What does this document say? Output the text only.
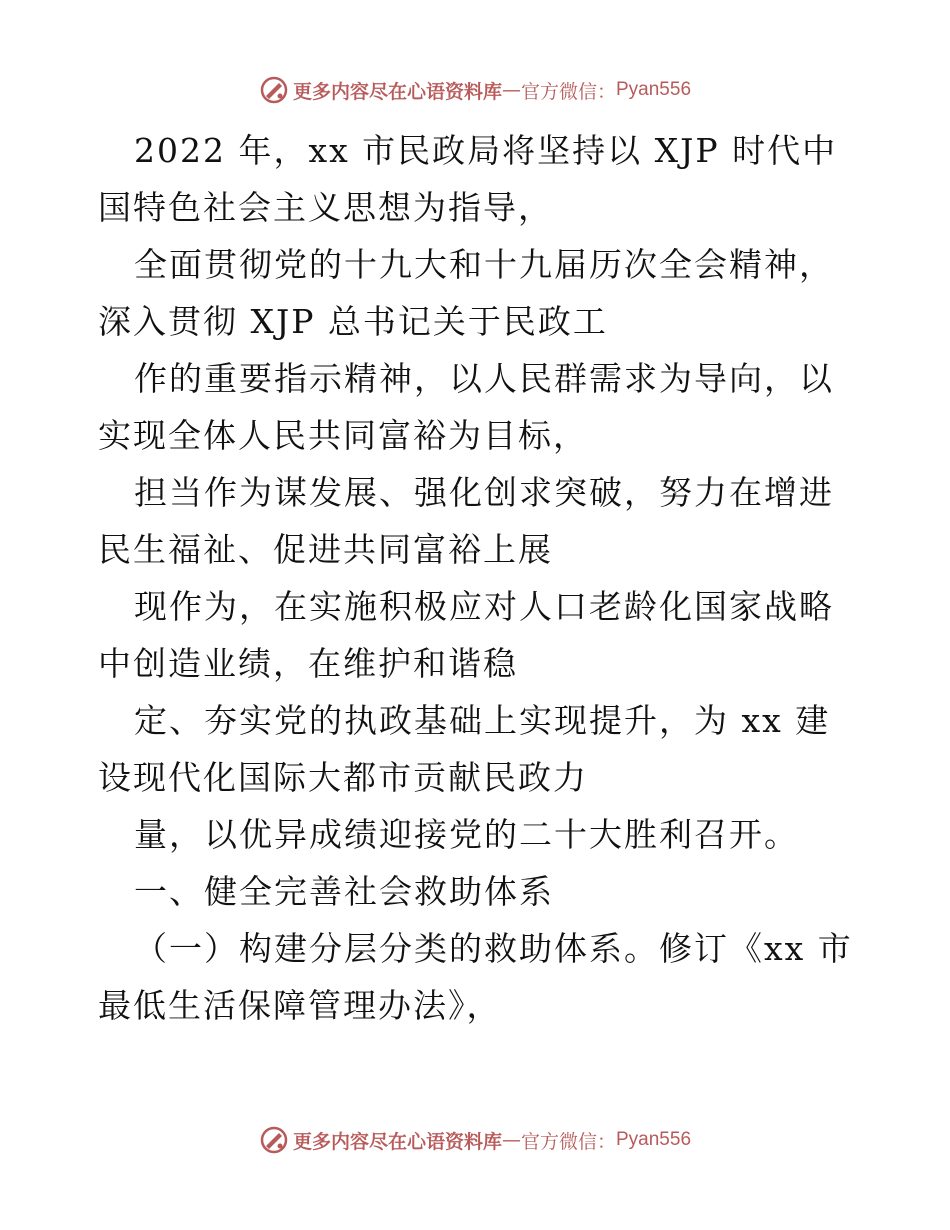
更多内容尽在心语资料库 — 官方微信： Pyan556

2022 年，xx 市民政局将坚持以 XJP 时代中国特色社会主义思想为指导，

全面贯彻党的十九大和十九届历次全会精神，深入贯彻 XJP 总书记关于民政工

作的重要指示精神，以人民群需求为导向，以实现全体人民共同富裕为目标，

担当作为谋发展、强化创求突破，努力在增进民生福祉、促进共同富裕上展

现作为，在实施积极应对人口老龄化国家战略中创造业绩，在维护和谐稳

定、夯实党的执政基础上实现提升，为 xx 建设现代化国际大都市贡献民政力

量，以优异成绩迎接党的二十大胜利召开。

一、健全完善社会救助体系

（一）构建分层分类的救助体系。修订《xx 市最低生活保障管理办法》，

更多内容尽在心语资料库 — 官方微信： Pyan556
